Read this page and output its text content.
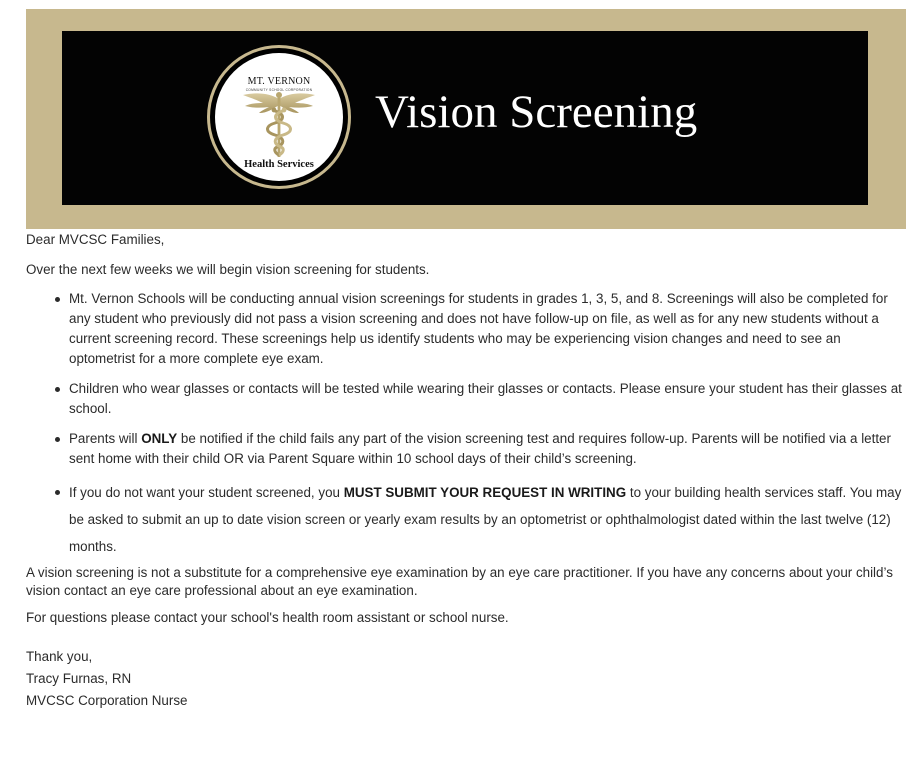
MT. VERNON
COMMUNITY SCHOOL CORPORATION
Health Services
Vision Screening

Dear MVCSC Families,

Over the next few weeks we will begin vision screening for students.

Mt. Vernon Schools will be conducting annual vision screenings for students in grades 1, 3, 5, and 8. Screenings will also be completed for any student who previously did not pass a vision screening and does not have follow-up on file, as well as for any new students without a current screening record. These screenings help us identify students who may be experiencing vision changes and need to see an optometrist for a more complete eye exam.
Children who wear glasses or contacts will be tested while wearing their glasses or contacts. Please ensure your student has their glasses at school.
Parents will ONLY be notified if the child fails any part of the vision screening test and requires follow-up. Parents will be notified via a letter sent home with their child OR via Parent Square within 10 school days of their child’s screening.
If you do not want your student screened, you MUST SUBMIT YOUR REQUEST IN WRITING to your building health services staff. You may be asked to submit an up to date vision screen or yearly exam results by an optometrist or ophthalmologist dated within the last twelve (12) months.

A vision screening is not a substitute for a comprehensive eye examination by an eye care practitioner. If you have any concerns about your child’s vision contact an eye care professional about an eye examination.

For questions please contact your school's health room assistant or school nurse.

Thank you,

Tracy Furnas, RN

MVCSC Corporation Nurse
